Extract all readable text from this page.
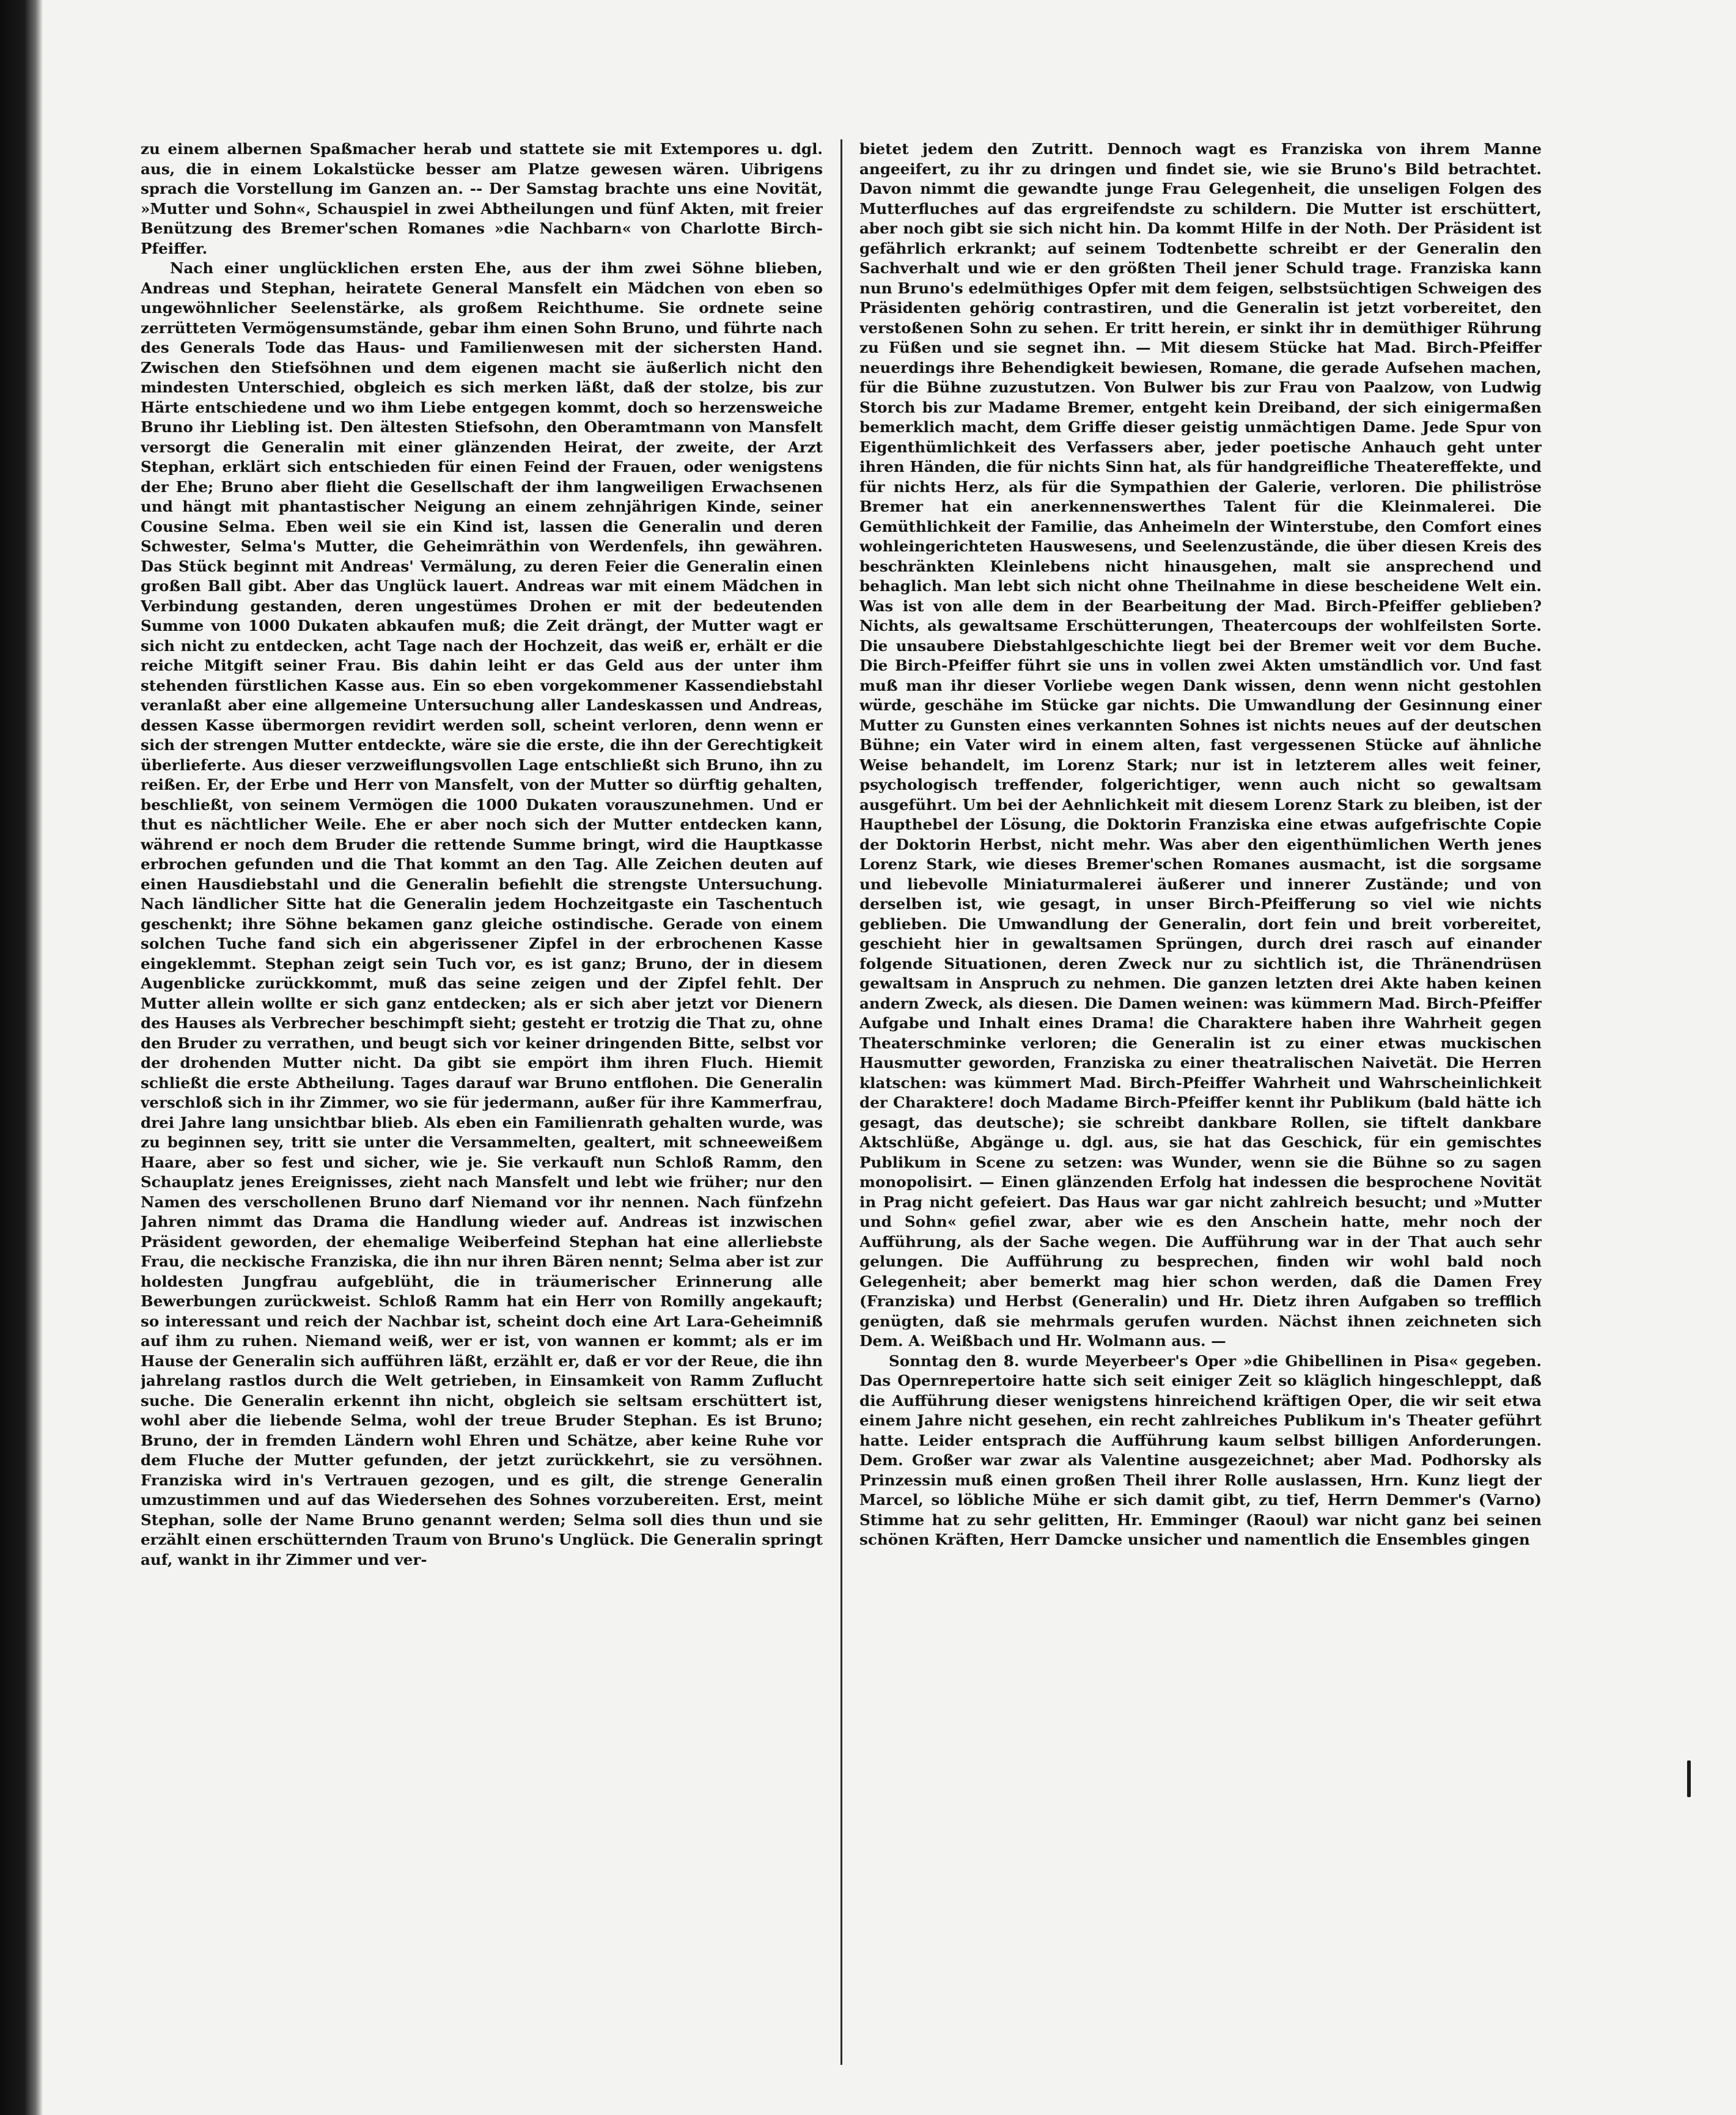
zu einem albernen Spaßmacher herab und stattete sie mit Extempores u. dgl. aus, die in einem Lokalstücke besser am Platze gewesen wären. Uibrigens sprach die Vorstellung im Ganzen an. -- Der Samstag brachte uns eine Novität, »Mutter und Sohn«, Schauspiel in zwei Abtheilungen und fünf Akten, mit freier Benützung des Bremer'schen Romanes »die Nachbarn« von Charlotte Birch-Pfeiffer.

Nach einer unglücklichen ersten Ehe, aus der ihm zwei Söhne blieben, Andreas und Stephan, heiratete General Mansfelt ein Mädchen von eben so ungewöhnlicher Seelenstärke, als großem Reichthume. Sie ordnete seine zerrütteten Vermögensumstände, gebar ihm einen Sohn Bruno, und führte nach des Generals Tode das Haus- und Familienwesen mit der sichersten Hand. Zwischen den Stiefsöhnen und dem eigenen macht sie äußerlich nicht den mindesten Unterschied, obgleich es sich merken läßt, daß der stolze, bis zur Härte entschiedene und wo ihm Liebe entgegen kommt, doch so herzensweiche Bruno ihr Liebling ist. Den ältesten Stiefsohn, den Oberamtmann von Mansfelt versorgt die Generalin mit einer glänzenden Heirat, der zweite, der Arzt Stephan, erklärt sich entschieden für einen Feind der Frauen, oder wenigstens der Ehe; Bruno aber flieht die Gesellschaft der ihm langweiligen Erwachsenen und hängt mit phantastischer Neigung an einem zehnjährigen Kinde, seiner Cousine Selma. Eben weil sie ein Kind ist, lassen die Generalin und deren Schwester, Selma's Mutter, die Geheimräthin von Werdenfels, ihn gewähren. Das Stück beginnt mit Andreas' Vermälung, zu deren Feier die Generalin einen großen Ball gibt. Aber das Unglück lauert. Andreas war mit einem Mädchen in Verbindung gestanden, deren ungestümes Drohen er mit der bedeutenden Summe von 1000 Dukaten abkaufen muß; die Zeit drängt, der Mutter wagt er sich nicht zu entdecken, acht Tage nach der Hochzeit, das weiß er, erhält er die reiche Mitgift seiner Frau. Bis dahin leiht er das Geld aus der unter ihm stehenden fürstlichen Kasse aus. Ein so eben vorgekommener Kassendiebstahl veranlaßt aber eine allgemeine Untersuchung aller Landeskassen und Andreas, dessen Kasse übermorgen revidirt werden soll, scheint verloren, denn wenn er sich der strengen Mutter entdeckte, wäre sie die erste, die ihn der Gerechtigkeit überlieferte. Aus dieser verzweiflungsvollen Lage entschließt sich Bruno, ihn zu reißen. Er, der Erbe und Herr von Mansfelt, von der Mutter so dürftig gehalten, beschließt, von seinem Vermögen die 1000 Dukaten vorauszunehmen. Und er thut es nächtlicher Weile. Ehe er aber noch sich der Mutter entdecken kann, während er noch dem Bruder die rettende Summe bringt, wird die Hauptkasse erbrochen gefunden und die That kommt an den Tag. Alle Zeichen deuten auf einen Hausdiebstahl und die Generalin befiehlt die strengste Untersuchung. Nach ländlicher Sitte hat die Generalin jedem Hochzeitgaste ein Taschentuch geschenkt; ihre Söhne bekamen ganz gleiche ostindische. Gerade von einem solchen Tuche fand sich ein abgerissener Zipfel in der erbrochenen Kasse eingeklemmt. Stephan zeigt sein Tuch vor, es ist ganz; Bruno, der in diesem Augenblicke zurückkommt, muß das seine zeigen und der Zipfel fehlt. Der Mutter allein wollte er sich ganz entdecken; als er sich aber jetzt vor Dienern des Hauses als Verbrecher beschimpft sieht; gesteht er trotzig die That zu, ohne den Bruder zu verrathen, und beugt sich vor keiner dringenden Bitte, selbst vor der drohenden Mutter nicht. Da gibt sie empört ihm ihren Fluch. Hiemit schließt die erste Abtheilung. Tages darauf war Bruno entflohen. Die Generalin verschloß sich in ihr Zimmer, wo sie für jedermann, außer für ihre Kammerfrau, drei Jahre lang unsichtbar blieb. Als eben ein Familienrath gehalten wurde, was zu beginnen sey, tritt sie unter die Versammelten, gealtert, mit schneeweißem Haare, aber so fest und sicher, wie je. Sie verkauft nun Schloß Ramm, den Schauplatz jenes Ereignisses, zieht nach Mansfelt und lebt wie früher; nur den Namen des verschollenen Bruno darf Niemand vor ihr nennen. Nach fünfzehn Jahren nimmt das Drama die Handlung wieder auf. Andreas ist inzwischen Präsident geworden, der ehemalige Weiberfeind Stephan hat eine allerliebste Frau, die neckische Franziska, die ihn nur ihren Bären nennt; Selma aber ist zur holdesten Jungfrau aufgeblüht, die in träumerischer Erinnerung alle Bewerbungen zurückweist. Schloß Ramm hat ein Herr von Romilly angekauft; so interessant und reich der Nachbar ist, scheint doch eine Art Lara-Geheimniß auf ihm zu ruhen. Niemand weiß, wer er ist, von wannen er kommt; als er im Hause der Generalin sich aufführen läßt, erzählt er, daß er vor der Reue, die ihn jahrelang rastlos durch die Welt getrieben, in Einsamkeit von Ramm Zuflucht suche. Die Generalin erkennt ihn nicht, obgleich sie seltsam erschüttert ist, wohl aber die liebende Selma, wohl der treue Bruder Stephan. Es ist Bruno; Bruno, der in fremden Ländern wohl Ehren und Schätze, aber keine Ruhe vor dem Fluche der Mutter gefunden, der jetzt zurückkehrt, sie zu versöhnen. Franziska wird in's Vertrauen gezogen, und es gilt, die strenge Generalin umzustimmen und auf das Wiedersehen des Sohnes vorzubereiten. Erst, meint Stephan, solle der Name Bruno genannt werden; Selma soll dies thun und sie erzählt einen erschütternden Traum von Bruno's Unglück. Die Generalin springt auf, wankt in ihr Zimmer und ver-

bietet jedem den Zutritt. Dennoch wagt es Franziska von ihrem Manne angeeifert, zu ihr zu dringen und findet sie, wie sie Bruno's Bild betrachtet. Davon nimmt die gewandte junge Frau Gelegenheit, die unseligen Folgen des Mutterfluches auf das ergreifendste zu schildern. Die Mutter ist erschüttert, aber noch gibt sie sich nicht hin. Da kommt Hilfe in der Noth. Der Präsident ist gefährlich erkrankt; auf seinem Todtenbette schreibt er der Generalin den Sachverhalt und wie er den größten Theil jener Schuld trage. Franziska kann nun Bruno's edelmüthiges Opfer mit dem feigen, selbstsüchtigen Schweigen des Präsidenten gehörig contrastiren, und die Generalin ist jetzt vorbereitet, den verstoßenen Sohn zu sehen. Er tritt herein, er sinkt ihr in demüthiger Rührung zu Füßen und sie segnet ihn. — Mit diesem Stücke hat Mad. Birch-Pfeiffer neuerdings ihre Behendigkeit bewiesen, Romane, die gerade Aufsehen machen, für die Bühne zuzustutzen. Von Bulwer bis zur Frau von Paalzow, von Ludwig Storch bis zur Madame Bremer, entgeht kein Dreiband, der sich einigermaßen bemerklich macht, dem Griffe dieser geistig unmächtigen Dame. Jede Spur von Eigenthümlichkeit des Verfassers aber, jeder poetische Anhauch geht unter ihren Händen, die für nichts Sinn hat, als für handgreifliche Theatereffekte, und für nichts Herz, als für die Sympathien der Galerie, verloren. Die philiströse Bremer hat ein anerkennenswerthes Talent für die Kleinmalerei. Die Gemüthlichkeit der Familie, das Anheimeln der Winterstube, den Comfort eines wohleingerichteten Hauswesens, und Seelenzustände, die über diesen Kreis des beschränkten Kleinlebens nicht hinausgehen, malt sie ansprechend und behaglich. Man lebt sich nicht ohne Theilnahme in diese bescheidene Welt ein. Was ist von alle dem in der Bearbeitung der Mad. Birch-Pfeiffer geblieben? Nichts, als gewaltsame Erschütterungen, Theatercoups der wohlfeilsten Sorte. Die unsaubere Diebstahlgeschichte liegt bei der Bremer weit vor dem Buche. Die Birch-Pfeiffer führt sie uns in vollen zwei Akten umständlich vor. Und fast muß man ihr dieser Vorliebe wegen Dank wissen, denn wenn nicht gestohlen würde, geschähe im Stücke gar nichts. Die Umwandlung der Gesinnung einer Mutter zu Gunsten eines verkannten Sohnes ist nichts neues auf der deutschen Bühne; ein Vater wird in einem alten, fast vergessenen Stücke auf ähnliche Weise behandelt, im Lorenz Stark; nur ist in letzterem alles weit feiner, psychologisch treffender, folgerichtiger, wenn auch nicht so gewaltsam ausgeführt. Um bei der Aehnlichkeit mit diesem Lorenz Stark zu bleiben, ist der Haupthebel der Lösung, die Doktorin Franziska eine etwas aufgefrischte Copie der Doktorin Herbst, nicht mehr. Was aber den eigenthümlichen Werth jenes Lorenz Stark, wie dieses Bremer'schen Romanes ausmacht, ist die sorgsame und liebevolle Miniaturmalerei äußerer und innerer Zustände; und von derselben ist, wie gesagt, in unser Birch-Pfeifferung so viel wie nichts geblieben. Die Umwandlung der Generalin, dort fein und breit vorbereitet, geschieht hier in gewaltsamen Sprüngen, durch drei rasch auf einander folgende Situationen, deren Zweck nur zu sichtlich ist, die Thränendrüsen gewaltsam in Anspruch zu nehmen. Die ganzen letzten drei Akte haben keinen andern Zweck, als diesen. Die Damen weinen: was kümmern Mad. Birch-Pfeiffer Aufgabe und Inhalt eines Drama! die Charaktere haben ihre Wahrheit gegen Theaterschminke verloren; die Generalin ist zu einer etwas muckischen Hausmutter geworden, Franziska zu einer theatralischen Naivetät. Die Herren klatschen: was kümmert Mad. Birch-Pfeiffer Wahrheit und Wahrscheinlichkeit der Charaktere! doch Madame Birch-Pfeiffer kennt ihr Publikum (bald hätte ich gesagt, das deutsche); sie schreibt dankbare Rollen, sie tiftelt dankbare Aktschlüße, Abgänge u. dgl. aus, sie hat das Geschick, für ein gemischtes Publikum in Scene zu setzen: was Wunder, wenn sie die Bühne so zu sagen monopolisirt. — Einen glänzenden Erfolg hat indessen die besprochene Novität in Prag nicht gefeiert. Das Haus war gar nicht zahlreich besucht; und »Mutter und Sohn« gefiel zwar, aber wie es den Anschein hatte, mehr noch der Aufführung, als der Sache wegen. Die Aufführung war in der That auch sehr gelungen. Die Aufführung zu besprechen, finden wir wohl bald noch Gelegenheit; aber bemerkt mag hier schon werden, daß die Damen Frey (Franziska) und Herbst (Generalin) und Hr. Dietz ihren Aufgaben so trefflich genügten, daß sie mehrmals gerufen wurden. Nächst ihnen zeichneten sich Dem. A. Weißbach und Hr. Wolmann aus. —

Sonntag den 8. wurde Meyerbeer's Oper »die Ghibellinen in Pisa« gegeben. Das Opernrepertoire hatte sich seit einiger Zeit so kläglich hingeschleppt, daß die Aufführung dieser wenigstens hinreichend kräftigen Oper, die wir seit etwa einem Jahre nicht gesehen, ein recht zahlreiches Publikum in's Theater geführt hatte. Leider entsprach die Aufführung kaum selbst billigen Anforderungen. Dem. Großer war zwar als Valentine ausgezeichnet; aber Mad. Podhorsky als Prinzessin muß einen großen Theil ihrer Rolle auslassen, Hrn. Kunz liegt der Marcel, so löbliche Mühe er sich damit gibt, zu tief, Herrn Demmer's (Varno) Stimme hat zu sehr gelitten, Hr. Emminger (Raoul) war nicht ganz bei seinen schönen Kräften, Herr Damcke unsicher und namentlich die Ensembles gingen
